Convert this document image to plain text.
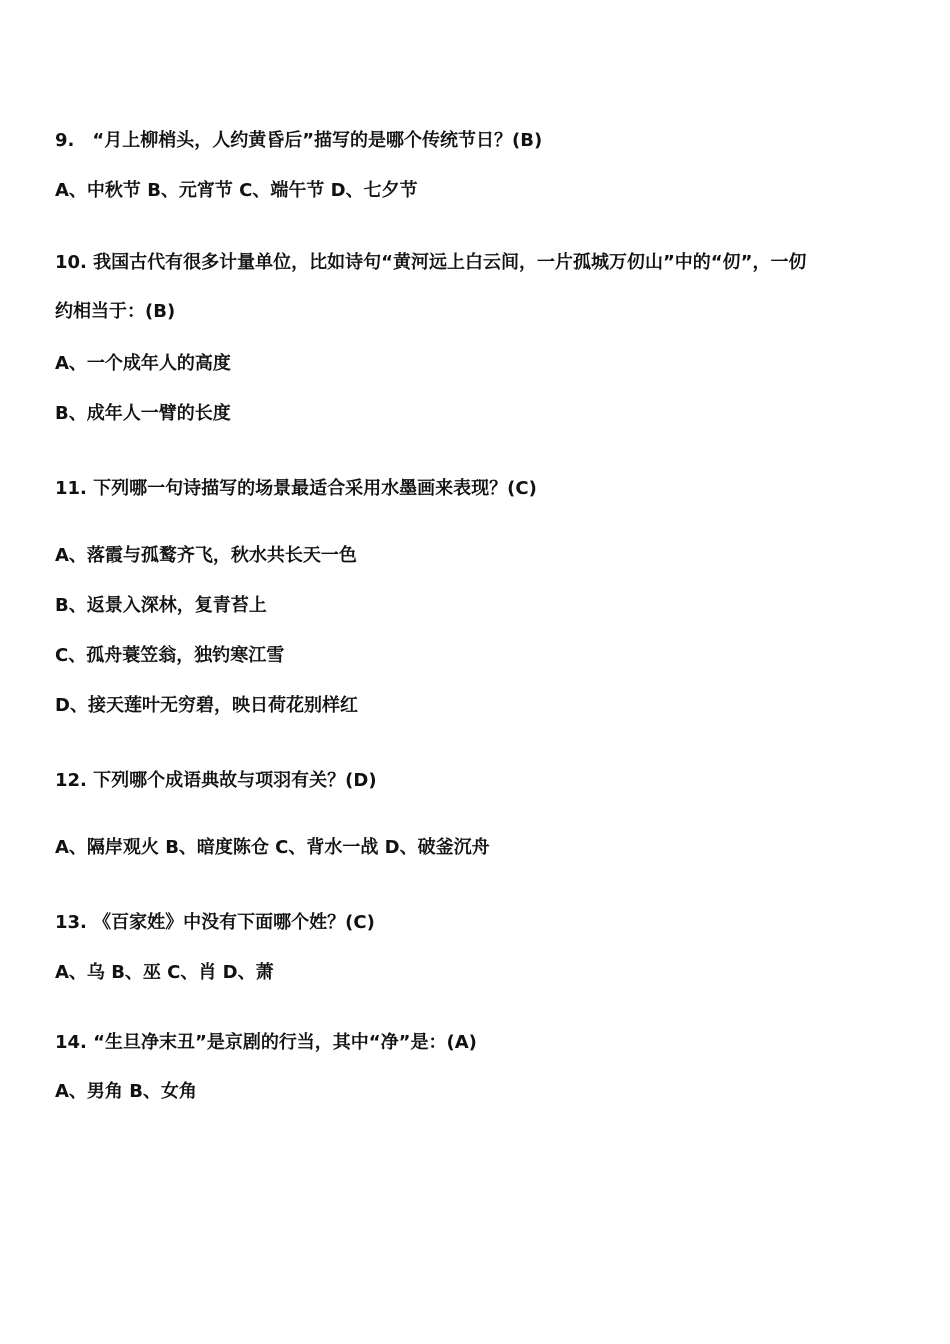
9.　“月上柳梢头，人约黄昏后”描写的是哪个传统节日？(B)
A、中秋节 B、元宵节 C、端午节 D、七夕节
10. 我国古代有很多计量单位，比如诗句“黄河远上白云间，一片孤城万仞山”中的“仞”，一仞
约相当于：(B)
A、一个成年人的高度
B、成年人一臂的长度
11. 下列哪一句诗描写的场景最适合采用水墨画来表现？(C)
A、落霞与孤鹜齐飞，秋水共长天一色
B、返景入深林，复青苔上
C、孤舟蓑笠翁，独钓寒江雪
D、接天莲叶无穷碧，映日荷花别样红
12. 下列哪个成语典故与项羽有关？(D)
A、隔岸观火 B、暗度陈仓 C、背水一战 D、破釜沉舟
13. 《百家姓》中没有下面哪个姓？(C)
A、乌 B、巫 C、肖 D、萧
14. “生旦净末丑”是京剧的行当，其中“净”是：(A)
A、男角 B、女角
